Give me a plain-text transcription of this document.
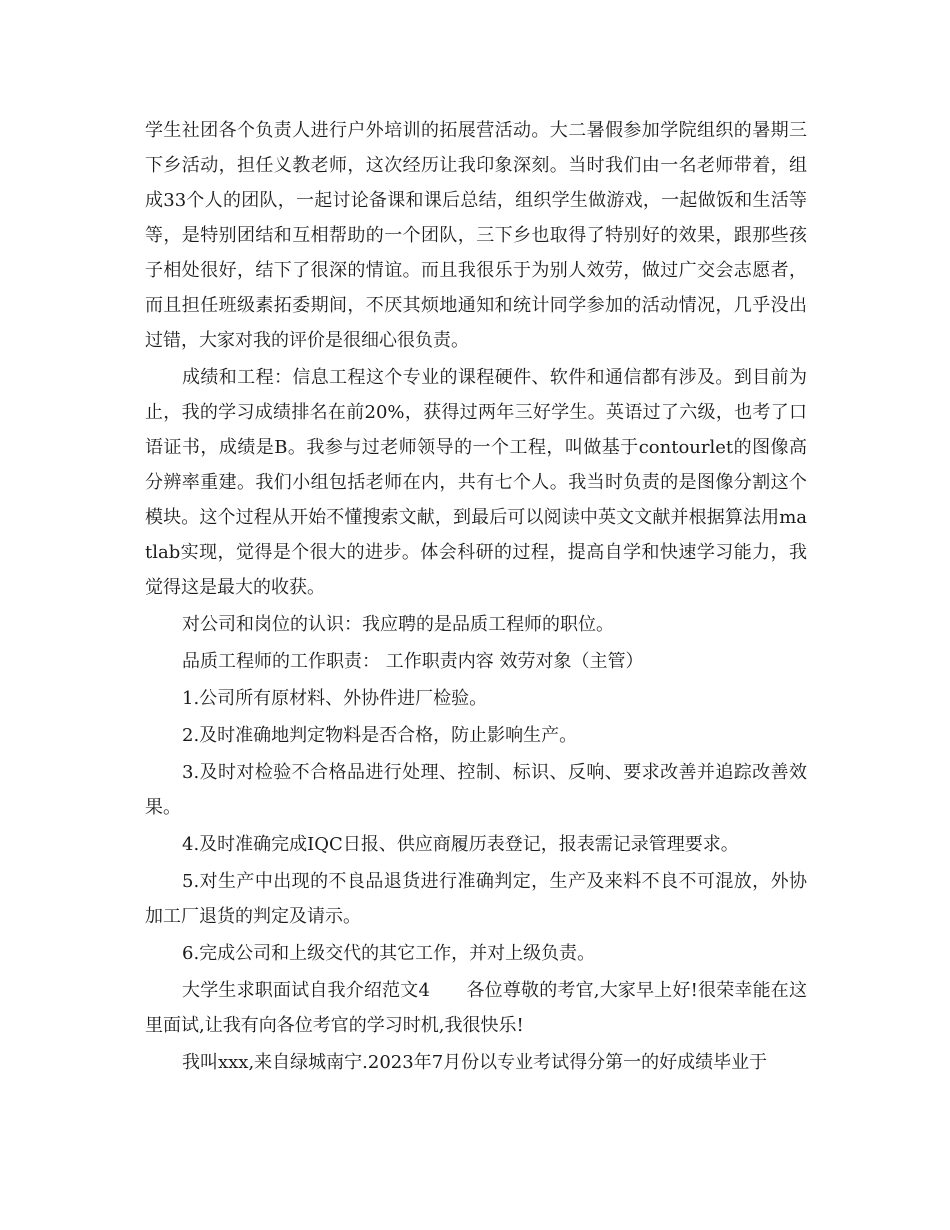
学生社团各个负责人进行户外培训的拓展营活动。大二暑假参加学院组织的暑期三下乡活动，担任义教老师，这次经历让我印象深刻。当时我们由一名老师带着，组成33个人的团队，一起讨论备课和课后总结，组织学生做游戏，一起做饭和生活等等，是特别团结和互相帮助的一个团队，三下乡也取得了特别好的效果，跟那些孩子相处很好，结下了很深的情谊。而且我很乐于为别人效劳，做过广交会志愿者，而且担任班级素拓委期间，不厌其烦地通知和统计同学参加的活动情况，几乎没出过错，大家对我的评价是很细心很负责。

成绩和工程：信息工程这个专业的课程硬件、软件和通信都有涉及。到目前为止，我的学习成绩排名在前20%，获得过两年三好学生。英语过了六级，也考了口语证书，成绩是B。我参与过老师领导的一个工程，叫做基于contourlet的图像高分辨率重建。我们小组包括老师在内，共有七个人。我当时负责的是图像分割这个模块。这个过程从开始不懂搜索文献，到最后可以阅读中英文文献并根据算法用matlab实现，觉得是个很大的进步。体会科研的过程，提高自学和快速学习能力，我觉得这是最大的收获。

对公司和岗位的认识：我应聘的是品质工程师的职位。

品质工程师的工作职责： 工作职责内容 效劳对象（主管）

1.公司所有原材料、外协件进厂检验。

2.及时准确地判定物料是否合格，防止影响生产。

3.及时对检验不合格品进行处理、控制、标识、反响、要求改善并追踪改善效果。

4.及时准确完成IQC日报、供应商履历表登记，报表需记录管理要求。

5.对生产中出现的不良品退货进行准确判定，生产及来料不良不可混放，外协加工厂退货的判定及请示。

6.完成公司和上级交代的其它工作，并对上级负责。

大学生求职面试自我介绍范文4　　各位尊敬的考官,大家早上好!很荣幸能在这里面试,让我有向各位考官的学习时机,我很快乐!

我叫xxx,来自绿城南宁.2023年7月份以专业考试得分第一的好成绩毕业于
